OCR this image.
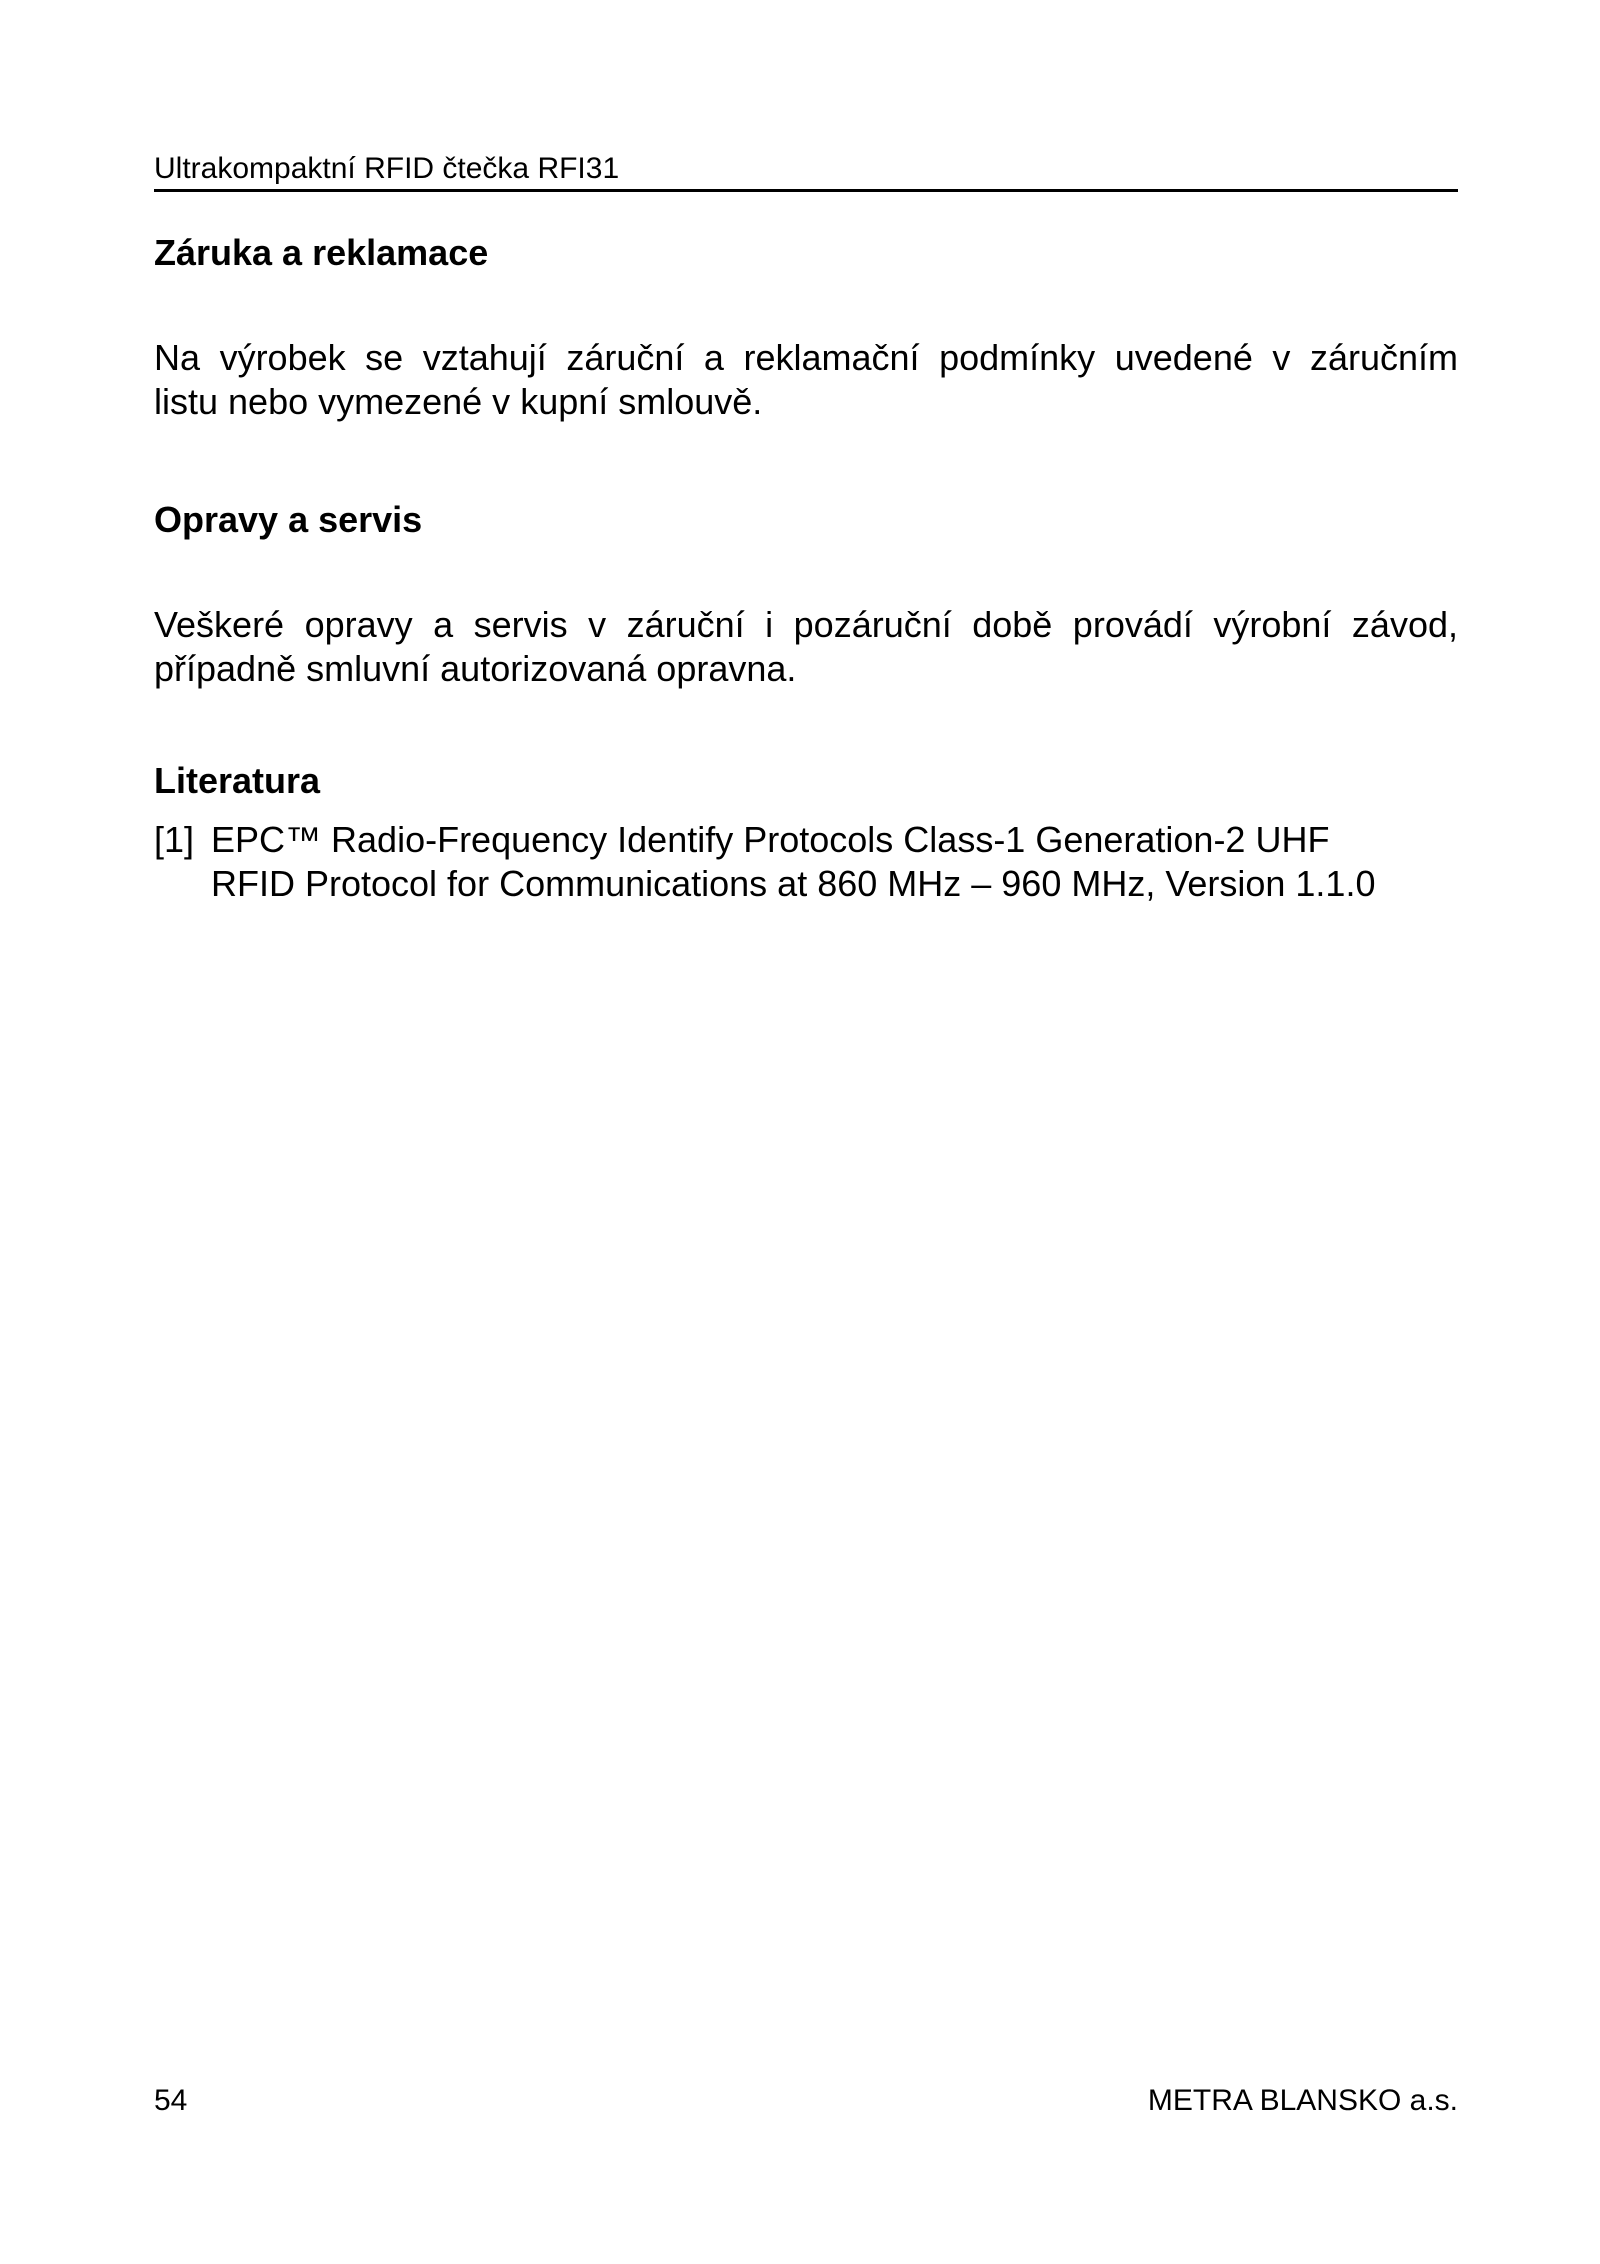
Ultrakompaktní RFID čtečka RFI31
Záruka a reklamace
Na výrobek se vztahují záruční a reklamační podmínky uvedené v záručním
listu nebo vymezené v kupní smlouvě.
Opravy a servis
Veškeré opravy a servis v záruční i pozáruční době provádí výrobní závod,
případně smluvní autorizovaná opravna.
Literatura
[1] EPC™ Radio-Frequency Identify Protocols Class-1 Generation-2 UHF
RFID Protocol for Communications at 860 MHz – 960 MHz, Version 1.1.0
54	METRA BLANSKO a.s.
